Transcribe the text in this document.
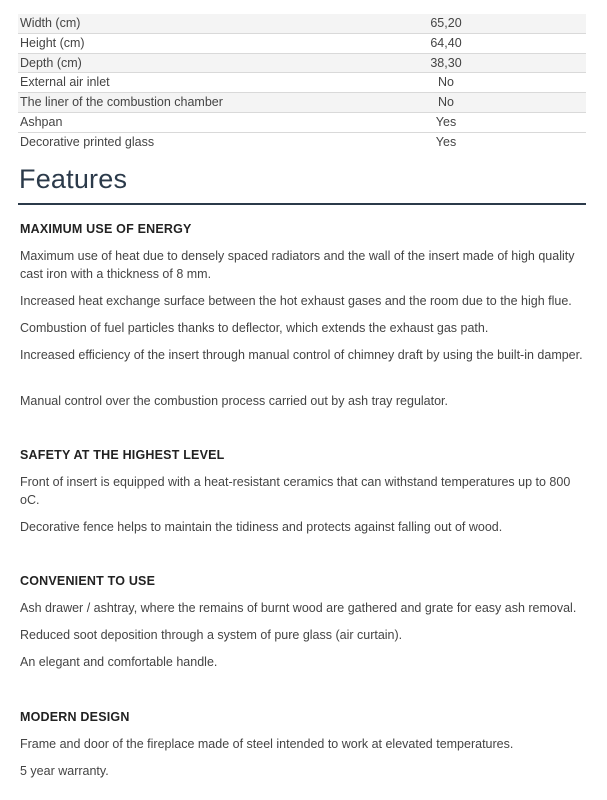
Width (cm)	65,20
Height (cm)	64,40
Depth (cm)	38,30
External air inlet	No
The liner of the combustion chamber	No
Ashpan	Yes
Decorative printed glass	Yes
Features
MAXIMUM USE OF ENERGY

Maximum use of heat due to densely spaced radiators and the wall of the insert made of high quality cast iron with a thickness of 8 mm.

Increased heat exchange surface between the hot exhaust gases and the room due to the high flue.

Combustion of fuel particles thanks to deflector, which extends the exhaust gas path.

Increased efficiency of the insert through manual control of chimney draft by using the built-in damper.

Manual control over the combustion process carried out by ash tray regulator.

SAFETY AT THE HIGHEST LEVEL

Front of insert is equipped with a heat-resistant ceramics that can withstand temperatures up to 800 oC.

Decorative fence helps to maintain the tidiness and protects against falling out of wood.

CONVENIENT TO USE

Ash drawer / ashtray, where the remains of burnt wood are gathered and grate for easy ash removal.

Reduced soot deposition through a system of pure glass (air curtain).

An elegant and comfortable handle.

MODERN DESIGN

Frame and door of the fireplace made of steel intended to work at elevated temperatures.

5 year warranty.
